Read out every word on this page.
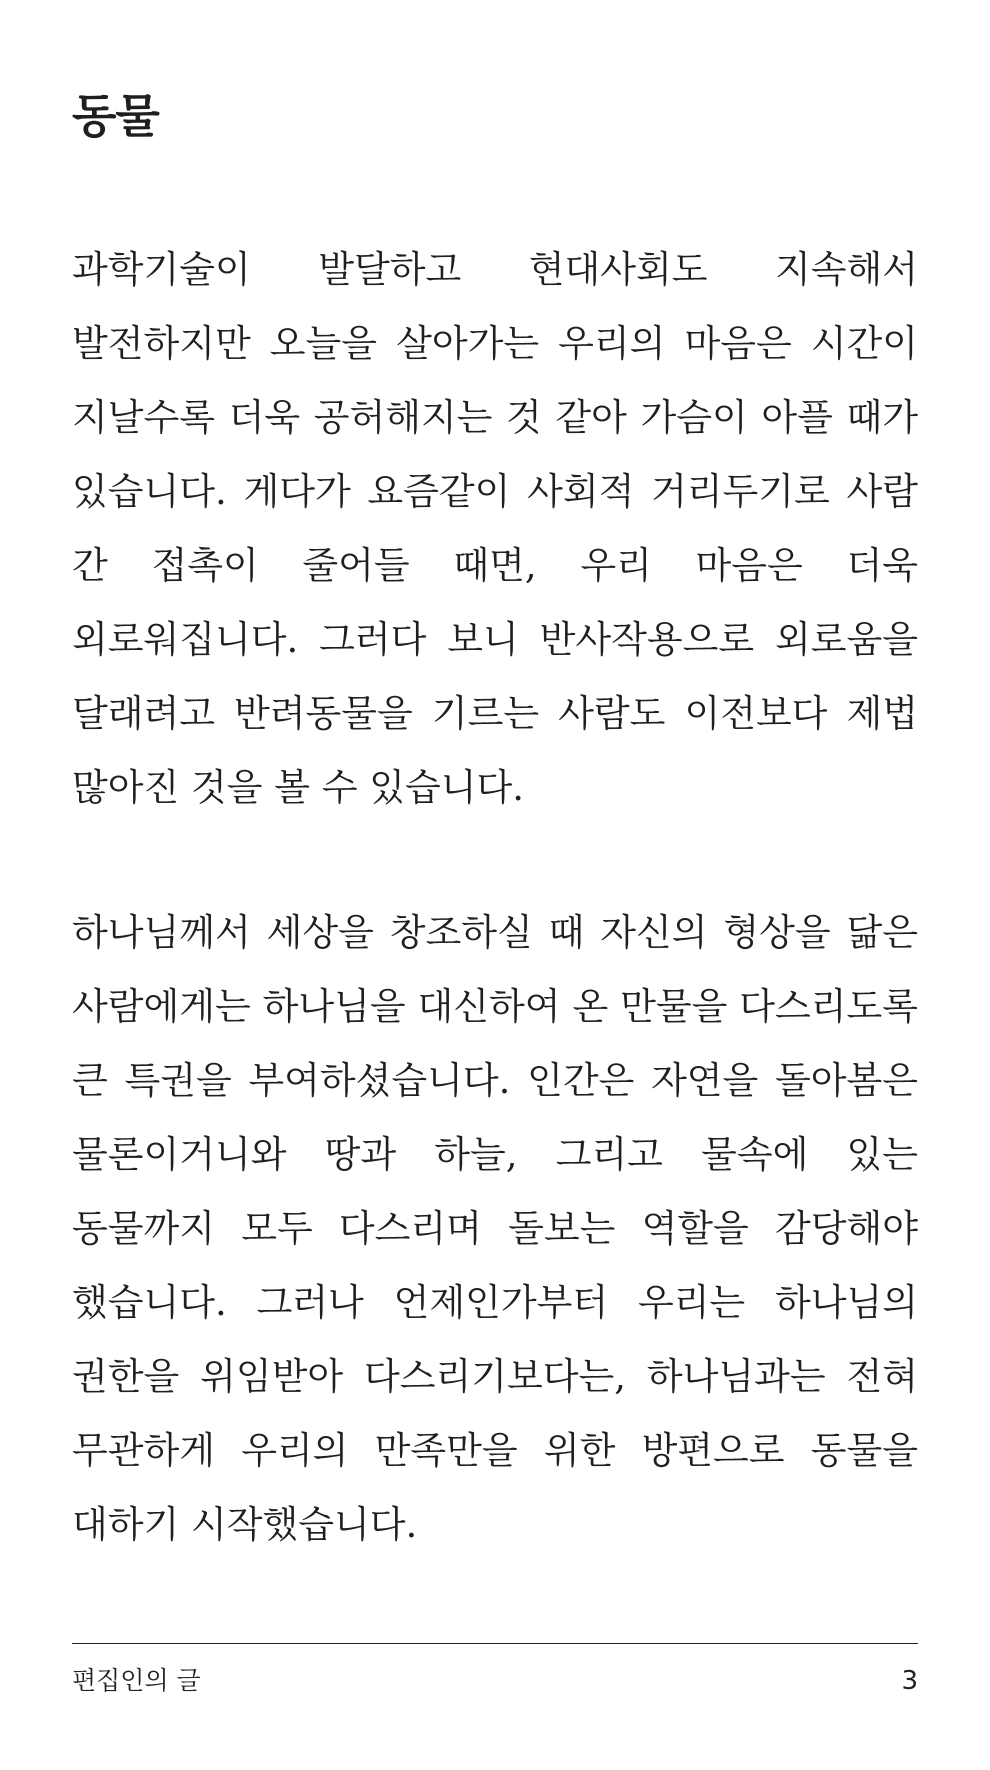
동물

과학기술이 발달하고 현대사회도 지속해서 발전하지만 오늘을 살아가는 우리의 마음은 시간이 지날수록 더욱 공허해지는 것 같아 가슴이 아플 때가 있습니다. 게다가 요즘같이 사회적 거리두기로 사람 간 접촉이 줄어들 때면, 우리 마음은 더욱 외로워집니다. 그러다 보니 반사작용으로 외로움을 달래려고 반려동물을 기르는 사람도 이전보다 제법 많아진 것을 볼 수 있습니다.

하나님께서 세상을 창조하실 때 자신의 형상을 닮은 사람에게는 하나님을 대신하여 온 만물을 다스리도록 큰 특권을 부여하셨습니다. 인간은 자연을 돌아봄은 물론이거니와 땅과 하늘, 그리고 물속에 있는 동물까지 모두 다스리며 돌보는 역할을 감당해야 했습니다. 그러나 언제인가부터 우리는 하나님의 권한을 위임받아 다스리기보다는, 하나님과는 전혀 무관하게 우리의 만족만을 위한 방편으로 동물을 대하기 시작했습니다.

편집인의 글	3
